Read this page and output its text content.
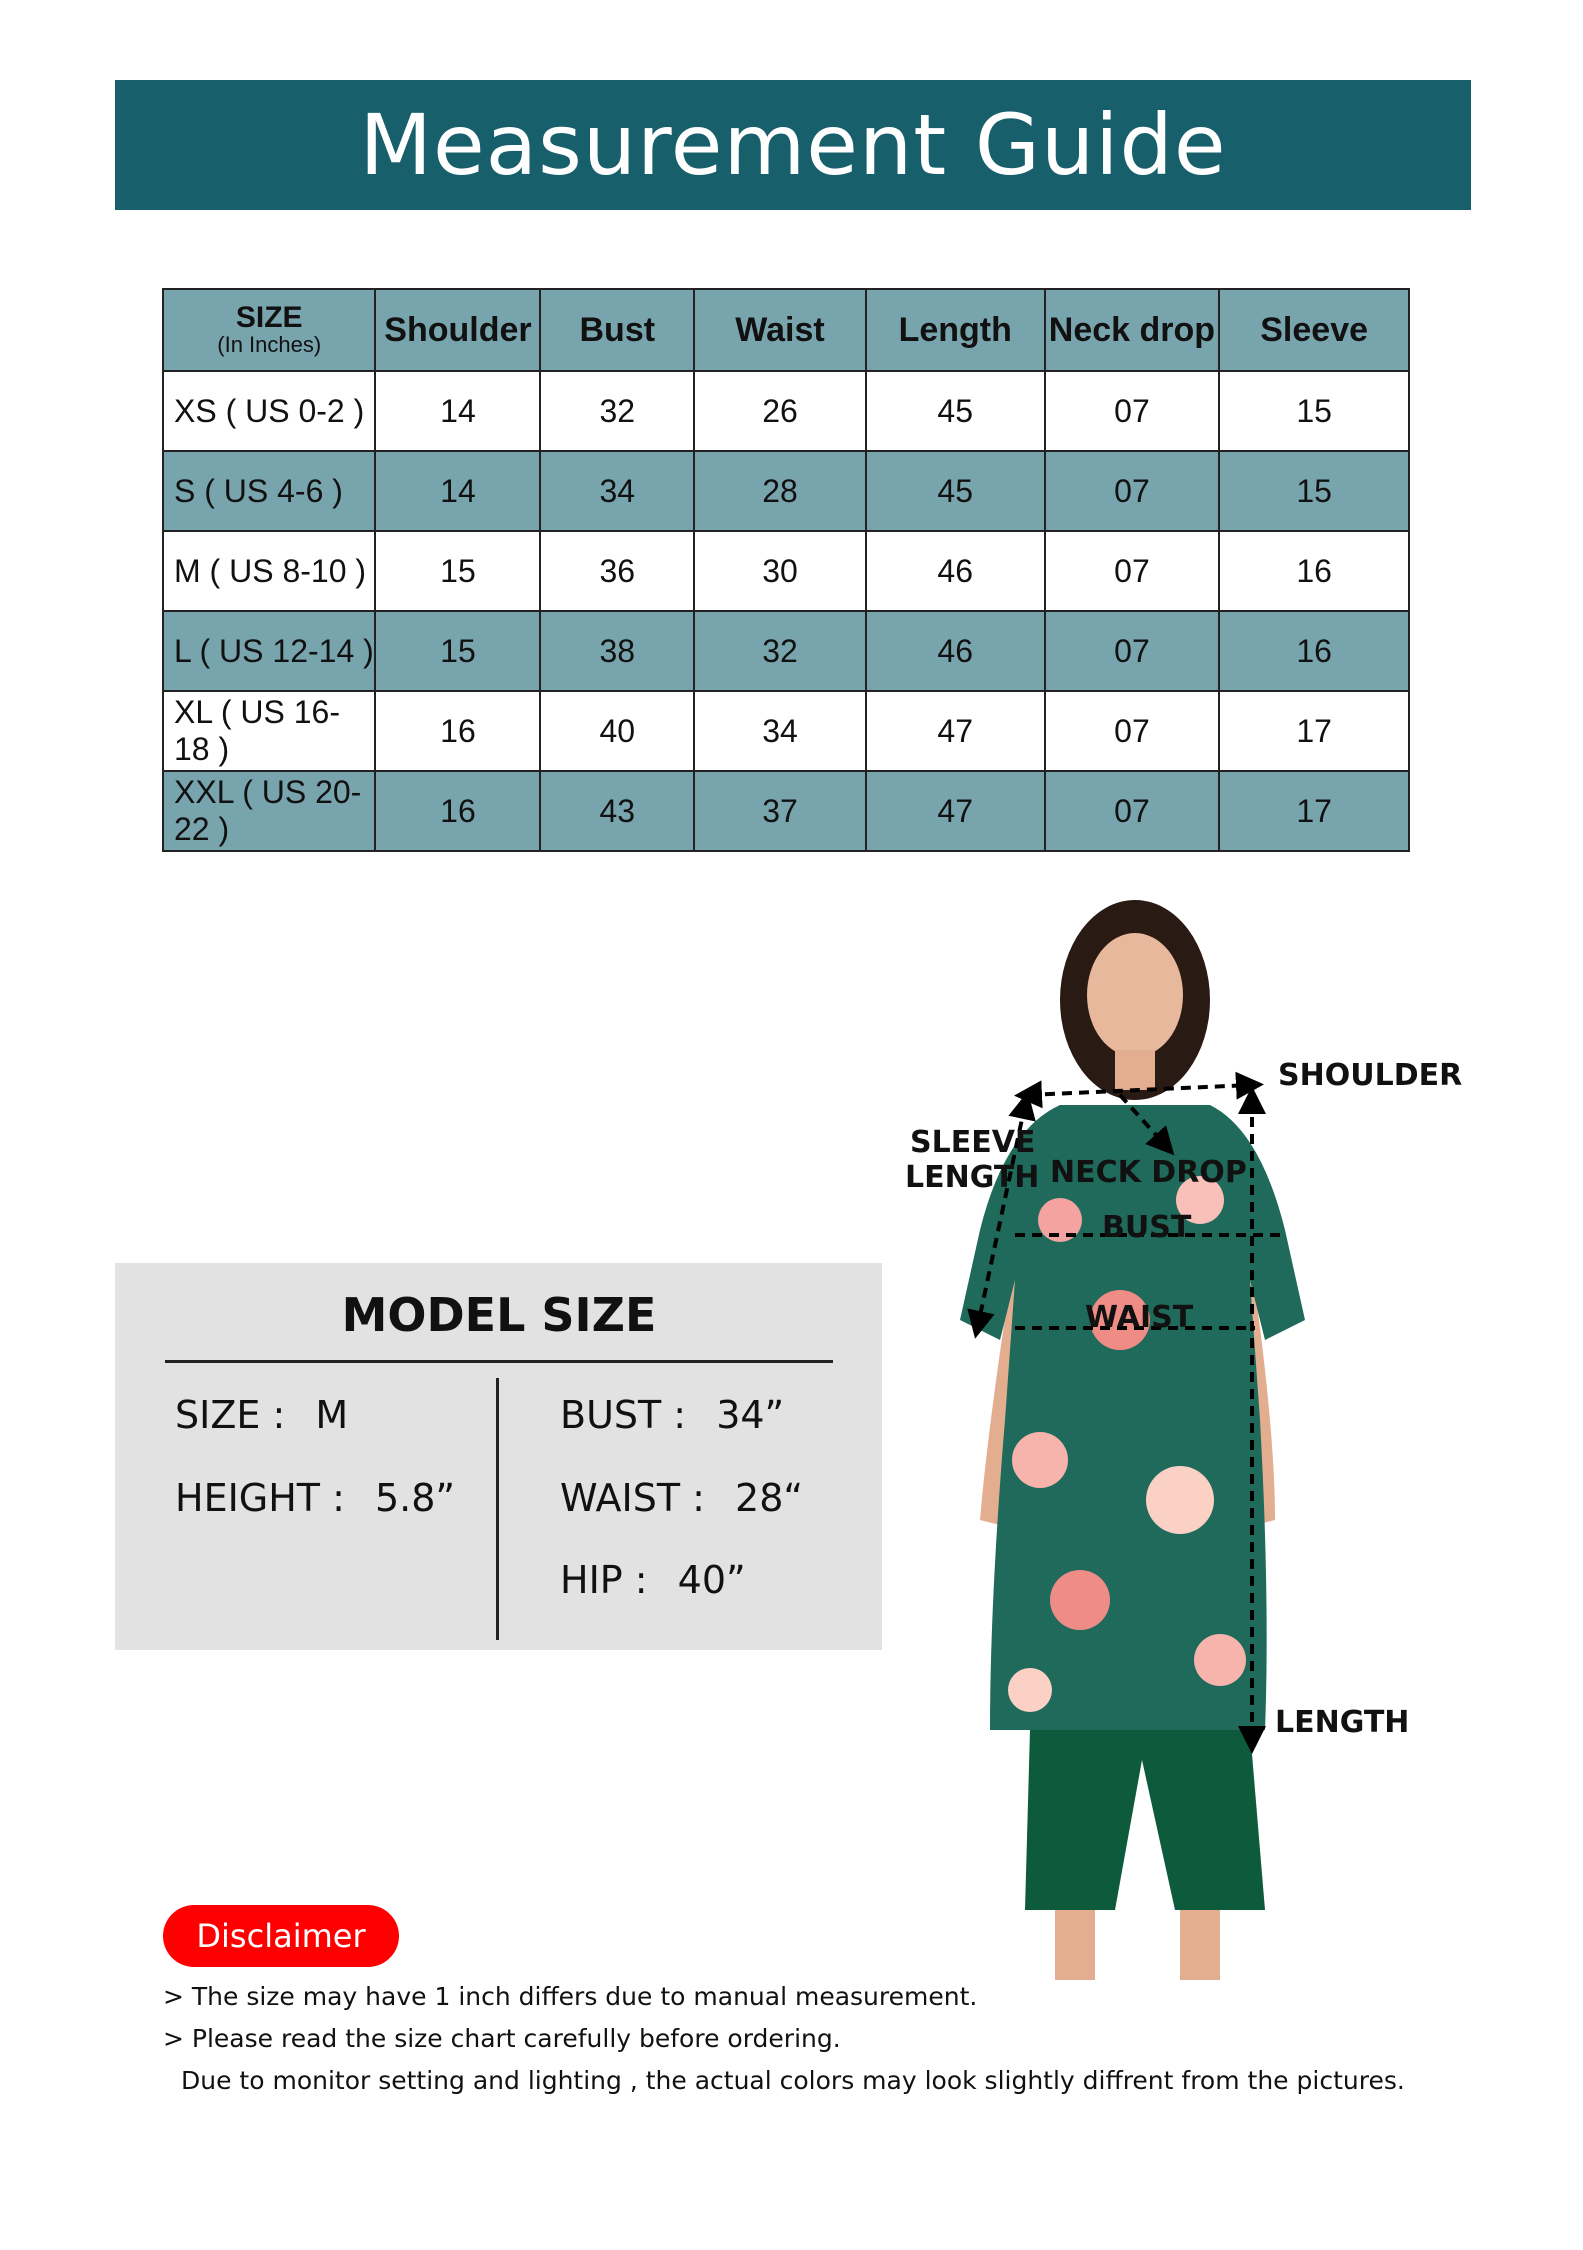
Measurement Guide
SIZE
(In Inches)	Shoulder	Bust	Waist	Length	Neck drop	Sleeve
XS ( US 0-2 )	14	32	26	45	07	15
S ( US 4-6 )	14	34	28	45	07	15
M ( US 8-10 )	15	36	30	46	07	16
L ( US 12-14 )	15	38	32	46	07	16
XL ( US 16-18 )	16	40	34	47	07	17
XXL ( US 20-22 )	16	43	37	47	07	17
MODEL SIZE
SIZE : M
HEIGHT : 5.8”
BUST : 34”
WAIST : 28“
HIP : 40”
SHOULDER
SLEEVE
LENGTH NECK DROP
BUST
WAIST
LENGTH
Disclaimer
> The size may have 1 inch differs due to manual measurement.
> Please read the size chart carefully before ordering.
Due to monitor setting and lighting , the actual colors may look slightly diffrent from the pictures.
